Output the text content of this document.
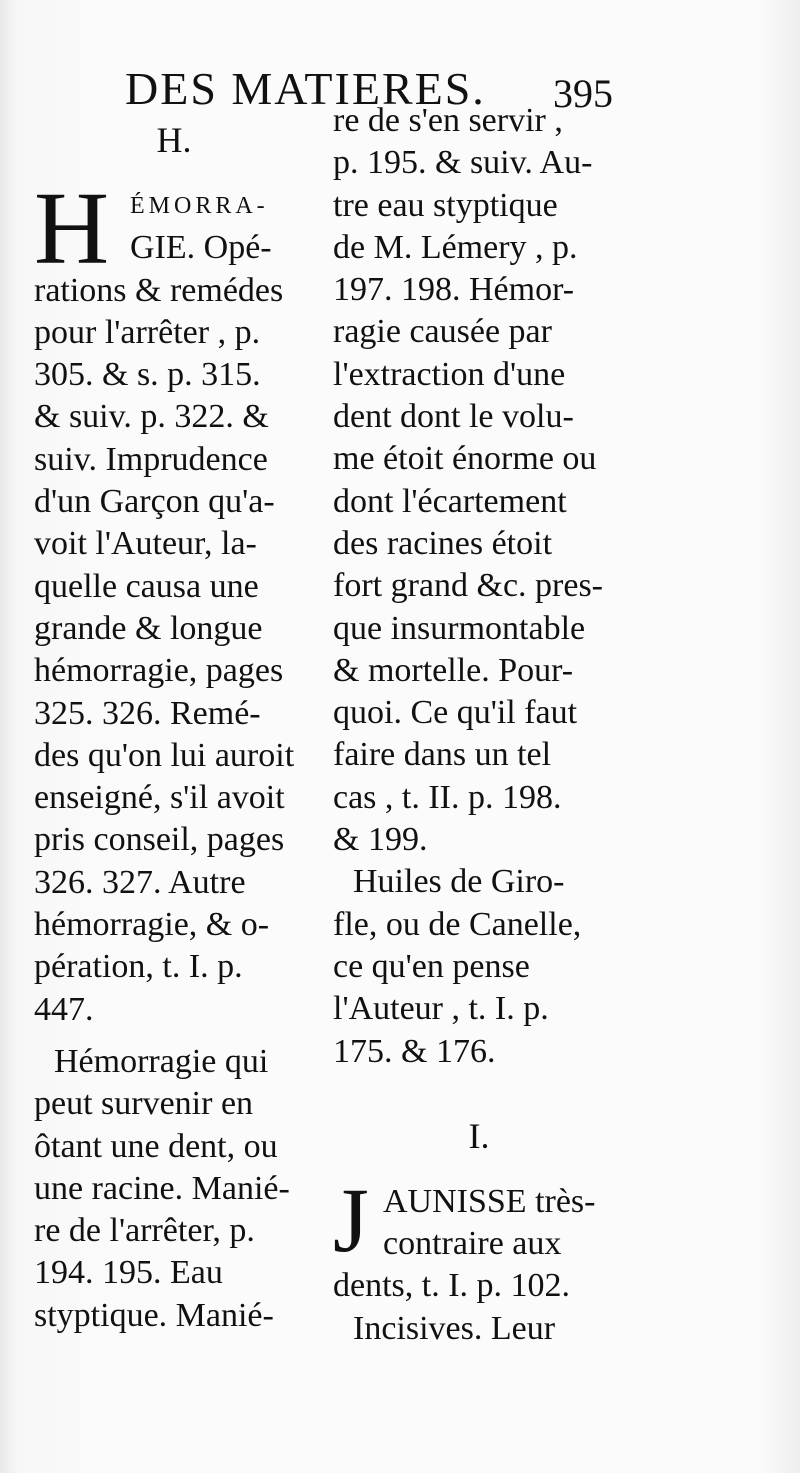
DES MATIERES. 395
H.
H ÉMORRA-
GIE. Opé-
rations & remédes
pour l'arrêter , p.
305. & s. p. 315.
& suiv. p. 322. &
suiv. Imprudence
d'un Garçon qu'a-
voit l'Auteur, la-
quelle causa une
grande & longue
hémorragie, pages
325. 326. Remé-
des qu'on lui auroit
enseigné, s'il avoit
pris conseil, pages
326. 327. Autre
hémorragie, & o-
pération, t. I. p.
447.
Hémorragie qui
peut survenir en
ôtant une dent, ou
une racine. Manié-
re de l'arrêter, p.
194. 195. Eau
styptique. Manié-
re de s'en servir ,
p. 195. & suiv. Au-
tre eau styptique
de M. Lémery , p.
197. 198. Hémor-
ragie causée par
l'extraction d'une
dent dont le volu-
me étoit énorme ou
dont l'écartement
des racines étoit
fort grand &c. pres-
que insurmontable
& mortelle. Pour-
quoi. Ce qu'il faut
faire dans un tel
cas , t. II. p. 198.
& 199.
Huiles de Giro-
fle, ou de Canelle,
ce qu'en pense
l'Auteur , t. I. p.
175. & 176.
I.
J AUNISSE très-
contraire aux
dents, t. I. p. 102.
Incisives. Leur
